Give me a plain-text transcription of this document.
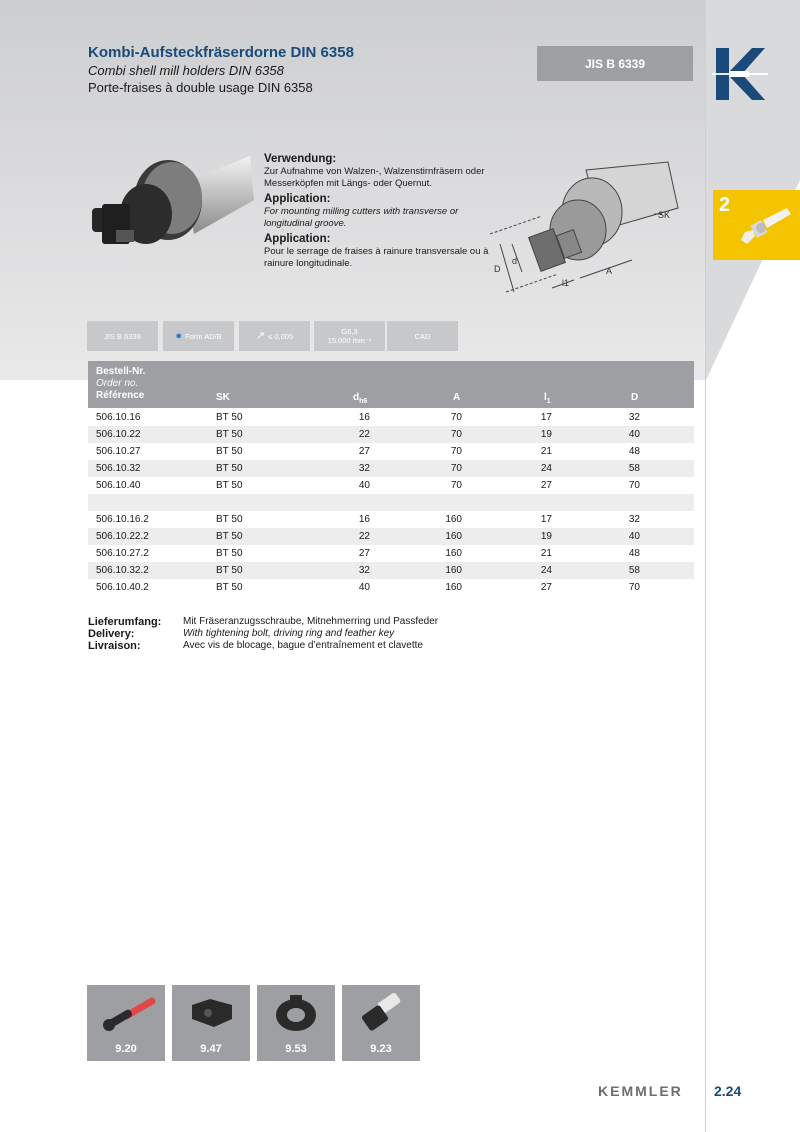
Kombi-Aufsteckfräserdorne DIN 6358
Combi shell mill holders DIN 6358
Porte-fraises à double usage DIN 6358
JIS B 6339
2
Verwendung:
Zur Aufnahme von Walzen-, Walzenstirnfräsern oder Messerköpfen mit Längs- oder Quernut.
Application:
For mounting milling cutters with transverse or longitudinal groove.
Application:
Pour le serrage de fraises à rainure transversale ou à rainure longitudinale.	D
d
l1
A
SK
JIS B 6339	● Form AD/B	↗ ≤ 0,005	G6,3
15.000 min⁻¹	CAD
Bestell-Nr.
Order no.
Référence	SK	$d_{h6}$	A	$l_1$	D
506.10.16	BT 50	16	70	17	32
506.10.22	BT 50	22	70	19	40
506.10.27	BT 50	27	70	21	48
506.10.32	BT 50	32	70	24	58
506.10.40	BT 50	40	70	27	70
506.10.16.2	BT 50	16	160	17	32
506.10.22.2	BT 50	22	160	19	40
506.10.27.2	BT 50	27	160	21	48
506.10.32.2	BT 50	32	160	24	58
506.10.40.2	BT 50	40	160	27	70
Lieferumfang: Mit Fräseranzugsschraube, Mitnehmerring und Passfeder
Delivery:	With tightening bolt, driving ring and feather key
Livraison:	Avec vis de blocage, bague d’entraînement et clavette
9.20	9.47	9.53	9.23
KEMMLER 2.24
